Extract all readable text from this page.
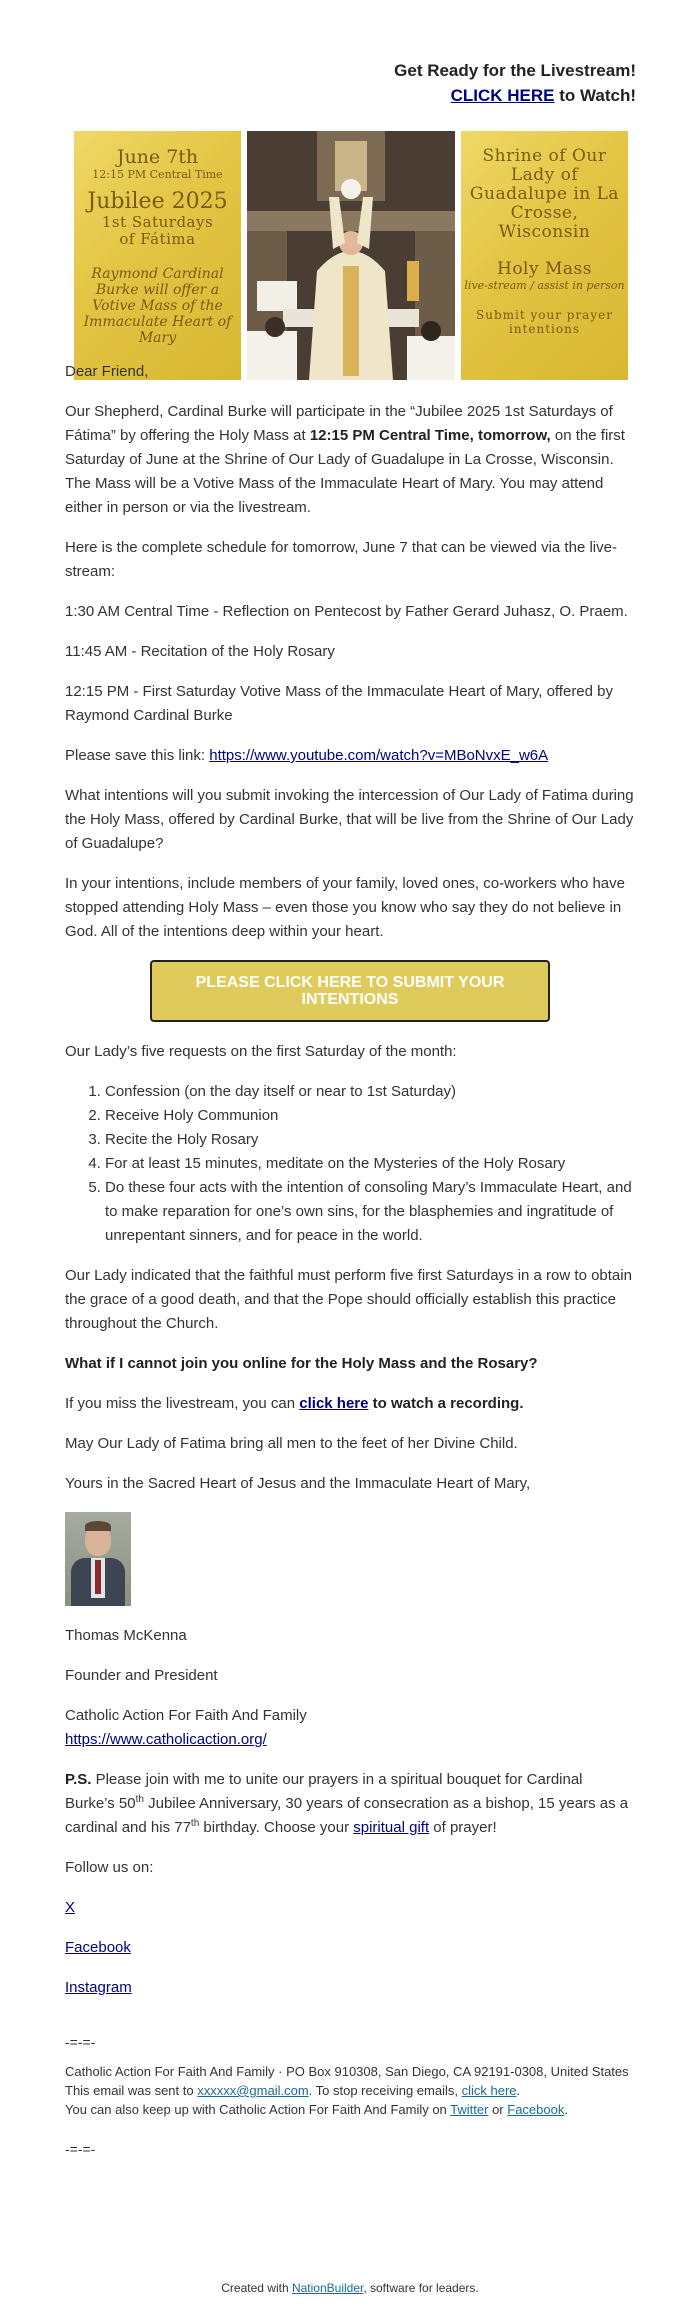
Get Ready for the Livestream!
CLICK HERE to Watch!
June 7th
12:15 PM Central Time
Jubilee 2025
1st Saturdays
of Fátima
Raymond Cardinal Burke will offer a Votive Mass of the Immaculate Heart of Mary
Shrine of Our Lady of Guadalupe in La Crosse, Wisconsin
Holy Mass
live-stream / assist in person
Submit your prayer intentions

Dear Friend,

Our Shepherd, Cardinal Burke will participate in the “Jubilee 2025 1st Saturdays of Fátima” by offering the Holy Mass at 12:15 PM Central Time, tomorrow, on the first Saturday of June at the Shrine of Our Lady of Guadalupe in La Crosse, Wisconsin. The Mass will be a Votive Mass of the Immaculate Heart of Mary. You may attend either in person or via the livestream.

Here is the complete schedule for tomorrow, June 7 that can be viewed via the live-stream:

1:30 AM Central Time - Reflection on Pentecost by Father Gerard Juhasz, O. Praem.

11:45 AM - Recitation of the Holy Rosary

12:15 PM - First Saturday Votive Mass of the Immaculate Heart of Mary, offered by Raymond Cardinal Burke

Please save this link: https://www.youtube.com/watch?v=MBoNvxE_w6A

What intentions will you submit invoking the intercession of Our Lady of Fatima during the Holy Mass, offered by Cardinal Burke, that will be live from the Shrine of Our Lady of Guadalupe?

In your intentions, include members of your family, loved ones, co-workers who have stopped attending Holy Mass – even those you know who say they do not believe in God. All of the intentions deep within your heart.

PLEASE CLICK HERE TO SUBMIT YOUR INTENTIONS

Our Lady’s five requests on the first Saturday of the month:

1. Confession (on the day itself or near to 1st Saturday)
2. Receive Holy Communion
3. Recite the Holy Rosary
4. For at least 15 minutes, meditate on the Mysteries of the Holy Rosary
5. Do these four acts with the intention of consoling Mary’s Immaculate Heart, and to make reparation for one’s own sins, for the blasphemies and ingratitude of unrepentant sinners, and for peace in the world.

Our Lady indicated that the faithful must perform five first Saturdays in a row to obtain the grace of a good death, and that the Pope should officially establish this practice throughout the Church.

What if I cannot join you online for the Holy Mass and the Rosary?

If you miss the livestream, you can click here to watch a recording.

May Our Lady of Fatima bring all men to the feet of her Divine Child.

Yours in the Sacred Heart of Jesus and the Immaculate Heart of Mary,

Thomas McKenna

Founder and President

Catholic Action For Faith And Family
https://www.catholicaction.org/

P.S. Please join with me to unite our prayers in a spiritual bouquet for Cardinal Burke’s 50th Jubilee Anniversary, 30 years of consecration as a bishop, 15 years as a cardinal and his 77th birthday. Choose your spiritual gift of prayer!

Follow us on:

X

Facebook

Instagram

-=-=-
Catholic Action For Faith And Family · PO Box 910308, San Diego, CA 92191-0308, United States
This email was sent to xxxxxx@gmail.com. To stop receiving emails, click here.
You can also keep up with Catholic Action For Faith And Family on Twitter or Facebook.
-=-=-
Created with NationBuilder, software for leaders.
